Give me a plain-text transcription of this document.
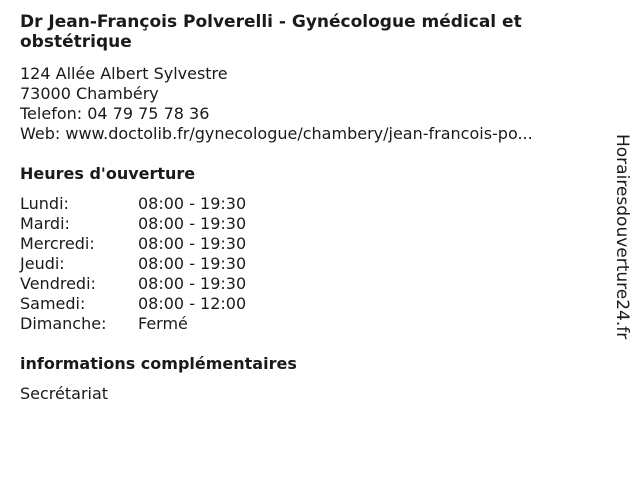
Dr Jean-François Polverelli - Gynécologue médical et obstétrique
124 Allée Albert Sylvestre
73000 Chambéry
Telefon: 04 79 75 78 36
Web: www.doctolib.fr/gynecologue/chambery/jean-francois-po...
Heures d'ouverture
Lundi:	08:00 - 19:30
Mardi:	08:00 - 19:30
Mercredi:	08:00 - 19:30
Jeudi:	08:00 - 19:30
Vendredi:	08:00 - 19:30
Samedi:	08:00 - 12:00
Dimanche: Fermé
informations complémentaires
Secrétariat
Horairesdouverture24.fr
